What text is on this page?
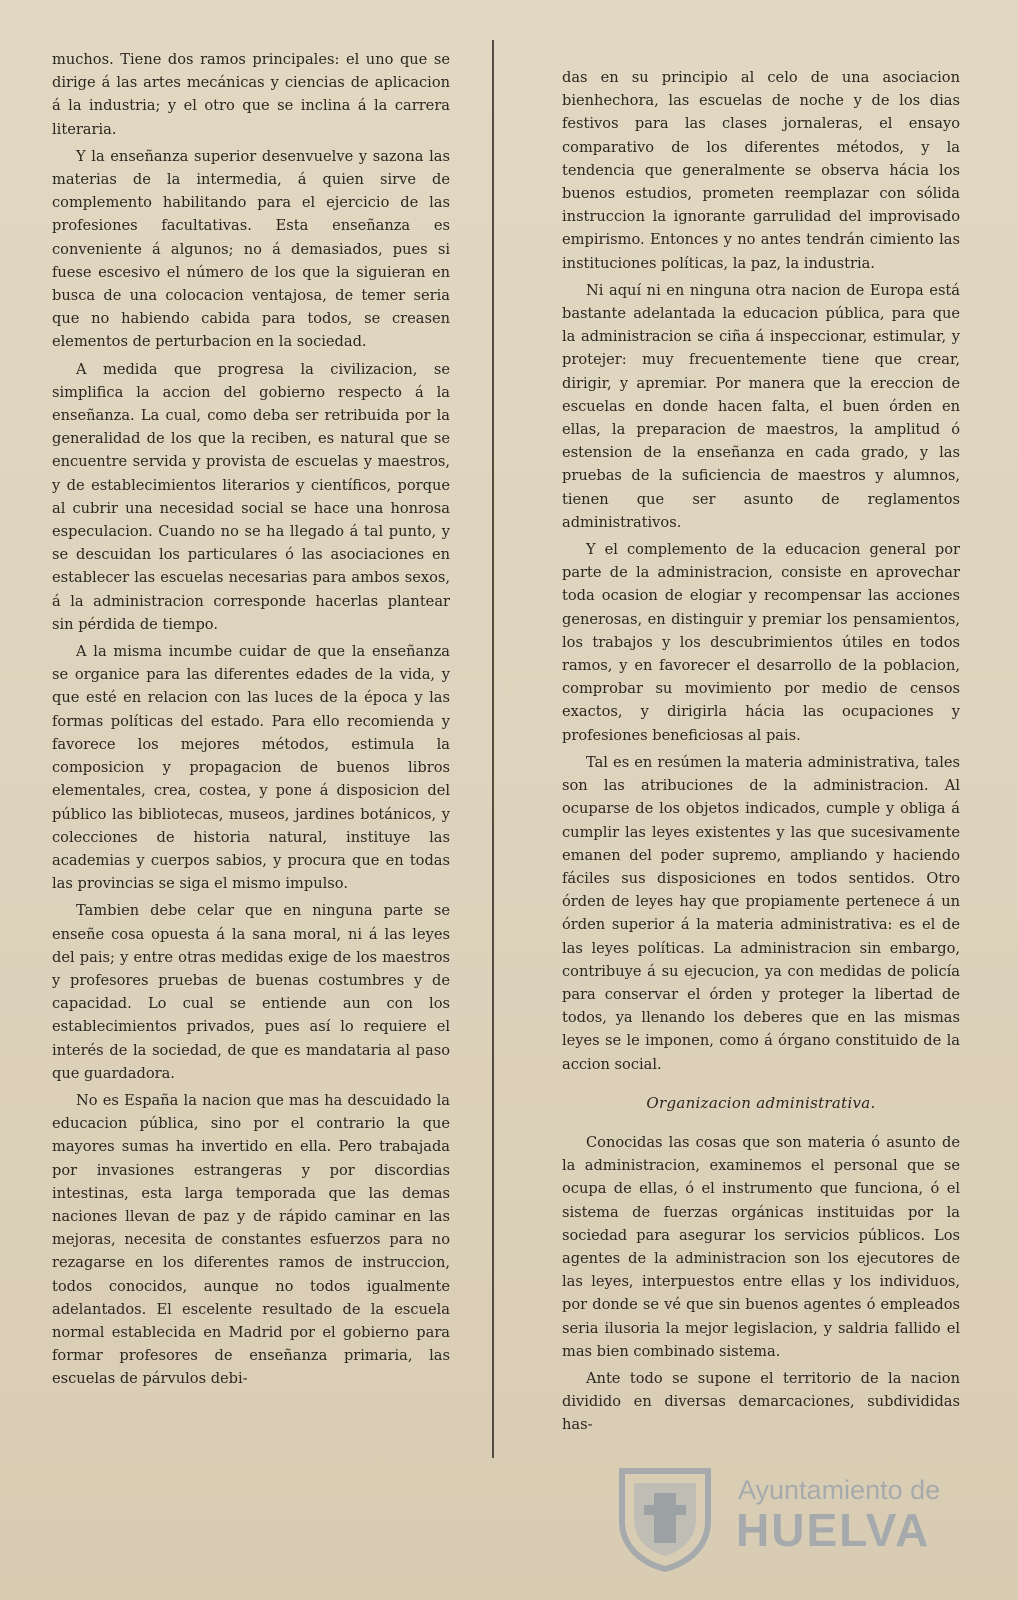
muchos. Tiene dos ramos principales: el uno que se dirige á las artes mecánicas y ciencias de aplicacion á la industria; y el otro que se inclina á la carrera literaria.

Y la enseñanza superior desenvuelve y sazona las materias de la intermedia, á quien sirve de complemento habilitando para el ejercicio de las profesiones facultativas. Esta enseñanza es conveniente á algunos; no á demasiados, pues si fuese escesivo el número de los que la siguieran en busca de una colocacion ventajosa, de temer seria que no habiendo cabida para todos, se creasen elementos de perturbacion en la sociedad.

A medida que progresa la civilizacion, se simplifica la accion del gobierno respecto á la enseñanza. La cual, como deba ser retribuida por la generalidad de los que la reciben, es natural que se encuentre servida y provista de escuelas y maestros, y de establecimientos literarios y científicos, porque al cubrir una necesidad social se hace una honrosa especulacion. Cuando no se ha llegado á tal punto, y se descuidan los particulares ó las asociaciones en establecer las escuelas necesarias para ambos sexos, á la administracion corresponde hacerlas plantear sin pérdida de tiempo.

A la misma incumbe cuidar de que la enseñanza se organice para las diferentes edades de la vida, y que esté en relacion con las luces de la época y las formas políticas del estado. Para ello recomienda y favorece los mejores métodos, estimula la composicion y propagacion de buenos libros elementales, crea, costea, y pone á disposicion del público las bibliotecas, museos, jardines botánicos, y colecciones de historia natural, instituye las academias y cuerpos sabios, y procura que en todas las provincias se siga el mismo impulso.

Tambien debe celar que en ninguna parte se enseñe cosa opuesta á la sana moral, ni á las leyes del pais; y entre otras medidas exige de los maestros y profesores pruebas de buenas costumbres y de capacidad. Lo cual se entiende aun con los establecimientos privados, pues así lo requiere el interés de la sociedad, de que es mandataria al paso que guardadora.

No es España la nacion que mas ha descuidado la educacion pública, sino por el contrario la que mayores sumas ha invertido en ella. Pero trabajada por invasiones estrangeras y por discordias intestinas, esta larga temporada que las demas naciones llevan de paz y de rápido caminar en las mejoras, necesita de constantes esfuerzos para no rezagarse en los diferentes ramos de instruccion, todos conocidos, aunque no todos igualmente adelantados. El escelente resultado de la escuela normal establecida en Madrid por el gobierno para formar profesores de enseñanza primaria, las escuelas de párvulos debi-

das en su principio al celo de una asociacion bienhechora, las escuelas de noche y de los dias festivos para las clases jornaleras, el ensayo comparativo de los diferentes métodos, y la tendencia que generalmente se observa hácia los buenos estudios, prometen reemplazar con sólida instruccion la ignorante garrulidad del improvisado empirismo. Entonces y no antes tendrán cimiento las instituciones políticas, la paz, la industria.

Ni aquí ni en ninguna otra nacion de Europa está bastante adelantada la educacion pública, para que la administracion se ciña á inspeccionar, estimular, y protejer: muy frecuentemente tiene que crear, dirigir, y apremiar. Por manera que la ereccion de escuelas en donde hacen falta, el buen órden en ellas, la preparacion de maestros, la amplitud ó estension de la enseñanza en cada grado, y las pruebas de la suficiencia de maestros y alumnos, tienen que ser asunto de reglamentos administrativos.

Y el complemento de la educacion general por parte de la administracion, consiste en aprovechar toda ocasion de elogiar y recompensar las acciones generosas, en distinguir y premiar los pensamientos, los trabajos y los descubrimientos útiles en todos ramos, y en favorecer el desarrollo de la poblacion, comprobar su movimiento por medio de censos exactos, y dirigirla hácia las ocupaciones y profesiones beneficiosas al pais.

Tal es en resúmen la materia administrativa, tales son las atribuciones de la administracion. Al ocuparse de los objetos indicados, cumple y obliga á cumplir las leyes existentes y las que sucesivamente emanen del poder supremo, ampliando y haciendo fáciles sus disposiciones en todos sentidos. Otro órden de leyes hay que propiamente pertenece á un órden superior á la materia administrativa: es el de las leyes políticas. La administracion sin embargo, contribuye á su ejecucion, ya con medidas de policía para conservar el órden y proteger la libertad de todos, ya llenando los deberes que en las mismas leyes se le imponen, como á órgano constituido de la accion social.

Organizacion administrativa.

Conocidas las cosas que son materia ó asunto de la administracion, examinemos el personal que se ocupa de ellas, ó el instrumento que funciona, ó el sistema de fuerzas orgánicas instituidas por la sociedad para asegurar los servicios públicos. Los agentes de la administracion son los ejecutores de las leyes, interpuestos entre ellas y los individuos, por donde se vé que sin buenos agentes ó empleados seria ilusoria la mejor legislacion, y saldria fallido el mas bien combinado sistema.

Ante todo se supone el territorio de la nacion dividido en diversas demarcaciones, subdivididas has-

Ayuntamiento de
HUELVA
